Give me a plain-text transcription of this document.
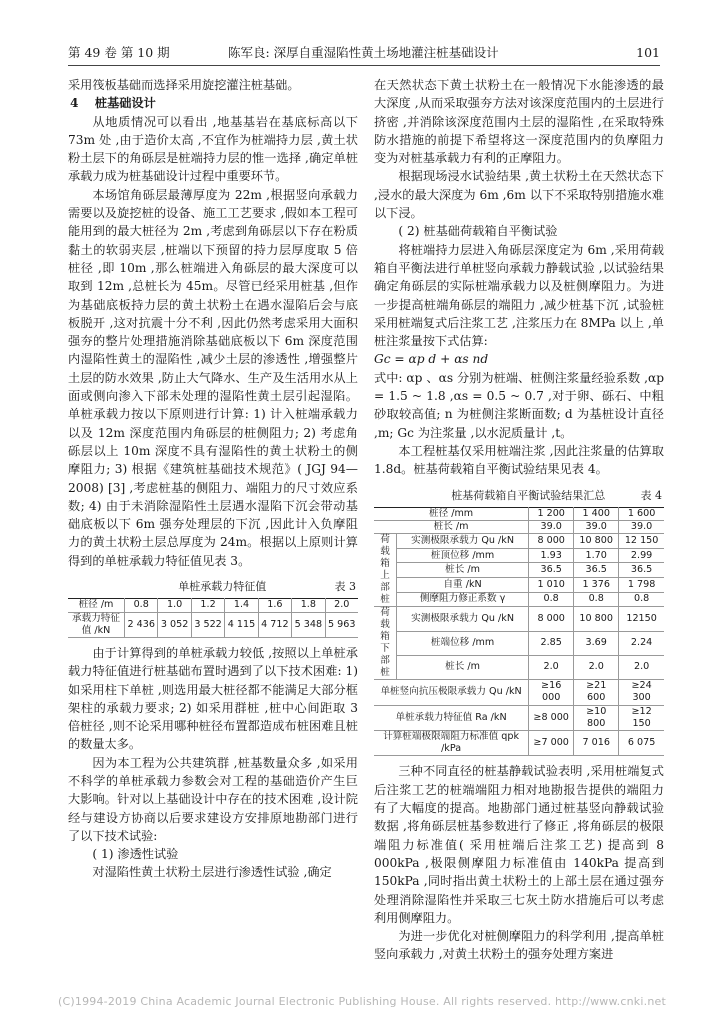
第 49 卷 第 10 期	陈军良: 深厚自重湿陷性黄土场地灌注桩基础设计	101

采用筏板基础而选择采用旋挖灌注桩基础。

4　 桩基础设计

从地质情况可以看出 ,地基基岩在基底标高以下 73m 处 ,由于造价太高 ,不宜作为桩端持力层 ,黄土状粉土层下的角砾层是桩端持力层的惟一选择 ,确定单桩承载力成为桩基础设计过程中重要环节。

本场馆角砾层最薄厚度为 22m ,根据竖向承载力需要以及旋挖桩的设备、施工工艺要求 ,假如本工程可能用到的最大桩径为 2m ,考虑到角砾层以下存在粉质黏土的软弱夹层 ,桩端以下预留的持力层厚度取 5 倍桩径 ,即 10m ,那么桩端进入角砾层的最大深度可以取到 12m ,总桩长为 45m。尽管已经采用桩基 ,但作为基础底板持力层的黄土状粉土在遇水湿陷后会与底板脱开 ,这对抗震十分不利 ,因此仍然考虑采用大面积强夯的整片处理措施消除基础底板以下 6m 深度范围内湿陷性黄土的湿陷性 ,减少土层的渗透性 ,增强整片土层的防水效果 ,防止大气降水、生产及生活用水从上面或侧向渗入下部未处理的湿陷性黄土层引起湿陷。单桩承载力按以下原则进行计算: 1) 计入桩端承载力以及 12m 深度范围内角砾层的桩侧阻力; 2) 考虑角砾层以上 10m 深度不具有湿陷性的黄土状粉土的侧摩阻力; 3) 根据《建筑桩基础技术规范》( JGJ 94—2008) [3] ,考虑桩基的侧阻力、端阻力的尺寸效应系数; 4) 由于未消除湿陷性土层遇水湿陷下沉会带动基础底板以下 6m 强夯处理层的下沉 ,因此计入负摩阻力的黄土状粉土层总厚度为 24m。根据以上原则计算得到的单桩承载力特征值见表 3。

单桩承载力特征值	表 3
桩径 /m	0.8	1.0	1.2	1.4	1.6	1.8	2.0
承载力特征值 /kN	2 436	3 052	3 522	4 115	4 712	5 348	5 963

由于计算得到的单桩承载力较低 ,按照以上单桩承载力特征值进行桩基础布置时遇到了以下技术困难: 1) 如采用柱下单桩 ,则选用最大桩径都不能满足大部分框架柱的承载力要求; 2) 如采用群桩 ,桩中心间距取 3 倍桩径 ,则不论采用哪种桩径布置都造成布桩困难且桩的数量太多。

因为本工程为公共建筑群 ,桩基数量众多 ,如采用不科学的单桩承载力参数会对工程的基础造价产生巨大影响。针对以上基础设计中存在的技术困难 ,设计院经与建设方协商以后要求建设方安排原地勘部门进行了以下技术试验:

( 1) 渗透性试验

对湿陷性黄土状粉土层进行渗透性试验 ,确定

在天然状态下黄土状粉土在一般情况下水能渗透的最大深度 ,从而采取强夯方法对该深度范围内的土层进行挤密 ,并消除该深度范围内土层的湿陷性 ,在采取特殊防水措施的前提下希望将这一深度范围内的负摩阻力变为对桩基承载力有利的正摩阻力。

根据现场浸水试验结果 ,黄土状粉土在天然状态下 ,浸水的最大深度为 6m ,6m 以下不采取特别措施水难以下浸。

( 2) 桩基础荷载箱自平衡试验

将桩端持力层进入角砾层深度定为 6m ,采用荷载箱自平衡法进行单桩竖向承载力静载试验 ,以试验结果确定角砾层的实际桩端承载力以及桩侧摩阻力。为进一步提高桩端角砾层的端阻力 ,减少桩基下沉 ,试验桩采用桩端复式后注浆工艺 ,注浆压力在 8MPa 以上 ,单桩注浆量按下式估算:

Gc = αp d + αs nd

式中: αp 、αs 分别为桩端、桩侧注浆量经验系数 ,αp = 1.5 ~ 1.8 ,αs = 0.5 ~ 0.7 ,对于卵、砾石、中粗砂取较高值; n 为桩侧注浆断面数; d 为基桩设计直径 ,m; Gc 为注浆量 ,以水泥质量计 ,t。

本工程桩基仅采用桩端注浆 ,因此注浆量的估算取 1.8d。桩基荷载箱自平衡试验结果见表 4。

桩基荷载箱自平衡试验结果汇总	表 4
桩径 /mm		1 200	1 400	1 600
桩长 /m		39.0	39.0	39.0
荷载箱上部桩	实测极限承载力 Qu /kN	8 000	10 800	12 150
	桩顶位移 /mm	1.93	1.70	2.99
	桩长 /m	36.5	36.5	36.5
	自重 /kN	1 010	1 376	1 798
	侧摩阻力修正系数 γ	0.8	0.8	0.8
荷载箱下部桩	实测极限承载力 Qu /kN	8 000	10 800	12150
	桩端位移 /mm	2.85	3.69	2.24
	桩长 /m	2.0	2.0	2.0
单桩竖向抗压极限承载力 Qu /kN		≥16 000	≥21 600	≥24 300
单桩承载力特征值 Ra /kN		≥8 000	≥10 800	≥12 150
计算桩端极限端阻力标准值 qpk /kPa		≥7 000	7 016	6 075

三种不同直径的桩基静载试验表明 ,采用桩端复式后注浆工艺的桩端端阻力相对地勘报告提供的端阻力有了大幅度的提高。地勘部门通过桩基竖向静载试验数据 ,将角砾层桩基参数进行了修正 ,将角砾层的极限端阻力标准值( 采用桩端后注浆工艺) 提高到 8 000kPa ,极限侧摩阻力标准值由 140kPa 提高到 150kPa ,同时指出黄土状粉土的上部土层在通过强夯处理消除湿陷性并采取三七灰土防水措施后可以考虑利用侧摩阻力。

为进一步优化对桩侧摩阻力的科学利用 ,提高单桩竖向承载力 ,对黄土状粉土的强夯处理方案进

(C)1994-2019 China Academic Journal Electronic Publishing House. All rights reserved. http://www.cnki.net
